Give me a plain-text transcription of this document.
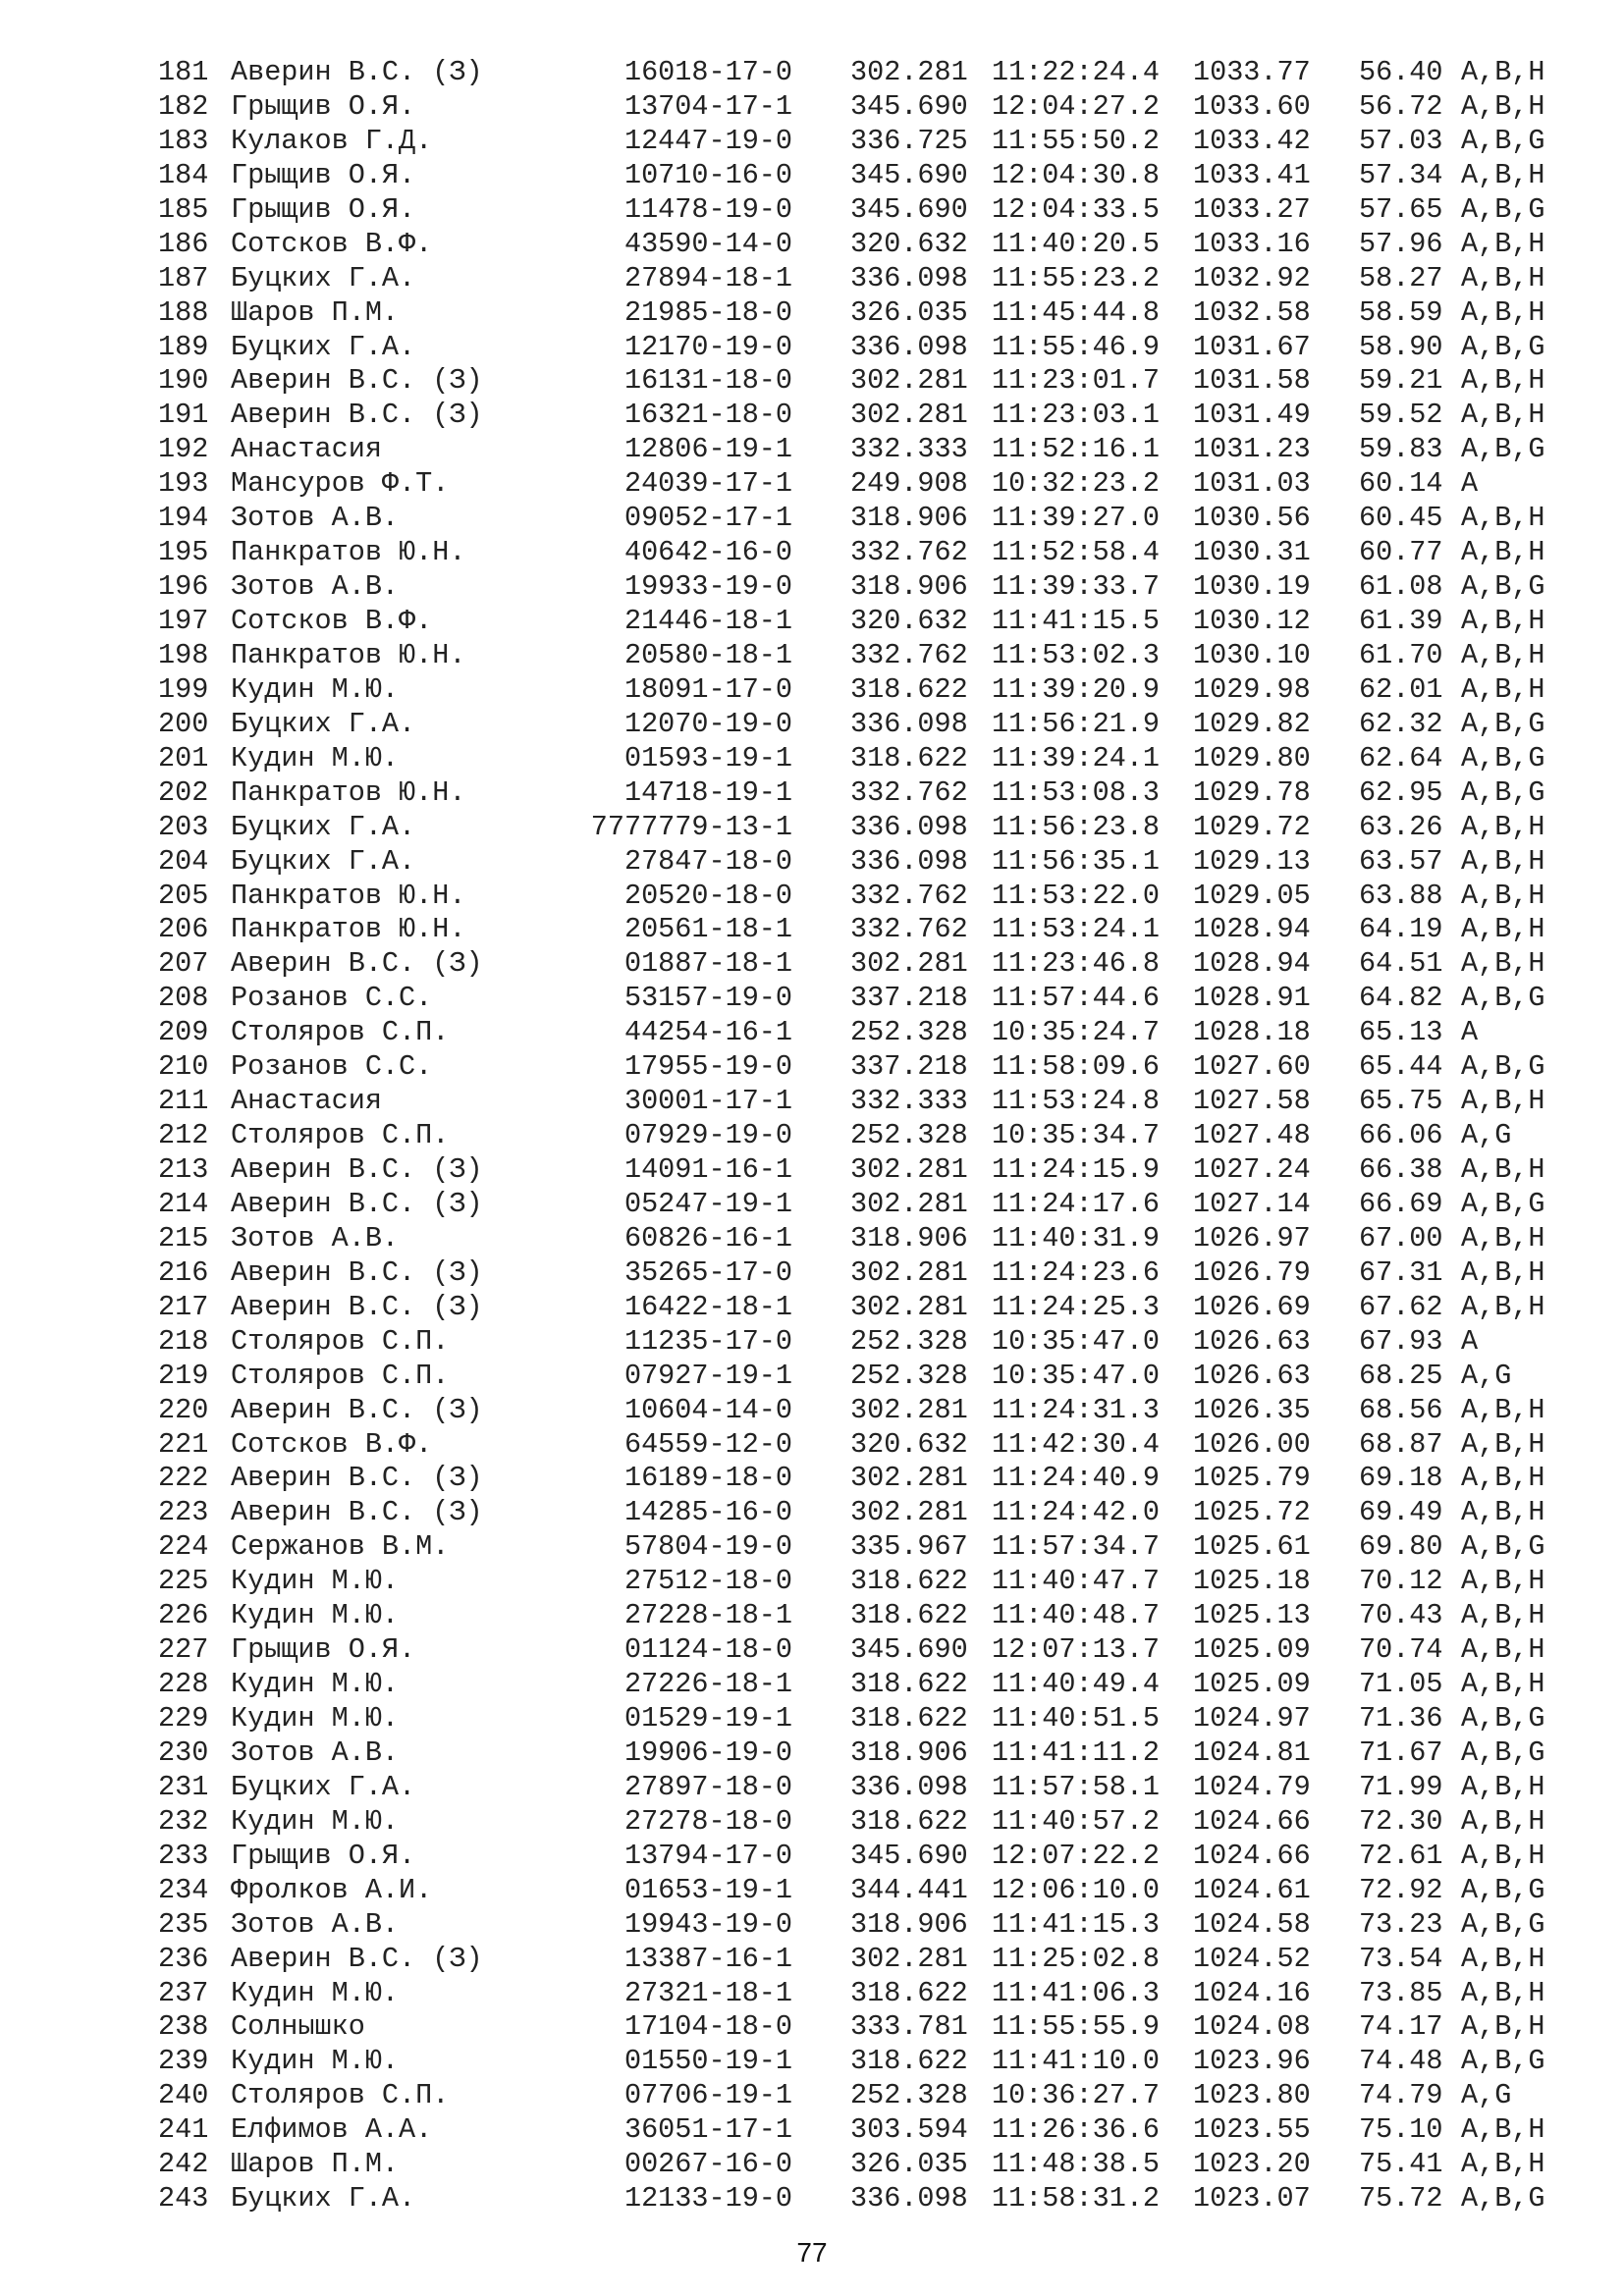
181 Аверин В.С. (З)	16018-17-0 302.281 11:22:24.4 1033.77 56.40 A,B,H
182 Грыщив О.Я.	13704-17-1 345.690 12:04:27.2 1033.60 56.72 A,B,H
183 Кулаков Г.Д.	12447-19-0 336.725 11:55:50.2 1033.42 57.03 A,B,G
184 Грыщив О.Я.	10710-16-0 345.690 12:04:30.8 1033.41 57.34 A,B,H
185 Грыщив О.Я.	11478-19-0 345.690 12:04:33.5 1033.27 57.65 A,B,G
186 Сотсков В.Ф.	43590-14-0 320.632 11:40:20.5 1033.16 57.96 A,B,H
187 Буцких Г.А.	27894-18-1 336.098 11:55:23.2 1032.92 58.27 A,B,H
188 Шаров П.М.	21985-18-0 326.035 11:45:44.8 1032.58 58.59 A,B,H
189 Буцких Г.А.	12170-19-0 336.098 11:55:46.9 1031.67 58.90 A,B,G
190 Аверин В.С. (З)	16131-18-0 302.281 11:23:01.7 1031.58 59.21 A,B,H
191 Аверин В.С. (З)	16321-18-0 302.281 11:23:03.1 1031.49 59.52 A,B,H
192 Анастасия	12806-19-1 332.333 11:52:16.1 1031.23 59.83 A,B,G
193 Мансуров Ф.Т.	24039-17-1 249.908 10:32:23.2 1031.03 60.14 A
194 Зотов А.В.	09052-17-1 318.906 11:39:27.0 1030.56 60.45 A,B,H
195 Панкратов Ю.Н.	40642-16-0 332.762 11:52:58.4 1030.31 60.77 A,B,H
196 Зотов А.В.	19933-19-0 318.906 11:39:33.7 1030.19 61.08 A,B,G
197 Сотсков В.Ф.	21446-18-1 320.632 11:41:15.5 1030.12 61.39 A,B,H
198 Панкратов Ю.Н.	20580-18-1 332.762 11:53:02.3 1030.10 61.70 A,B,H
199 Кудин М.Ю.	18091-17-0 318.622 11:39:20.9 1029.98 62.01 A,B,H
200 Буцких Г.А.	12070-19-0 336.098 11:56:21.9 1029.82 62.32 A,B,G
201 Кудин М.Ю.	01593-19-1 318.622 11:39:24.1 1029.80 62.64 A,B,G
202 Панкратов Ю.Н.	14718-19-1 332.762 11:53:08.3 1029.78 62.95 A,B,G
203 Буцких Г.А.	7777779-13-1 336.098 11:56:23.8 1029.72 63.26 A,B,H
204 Буцких Г.А.	27847-18-0 336.098 11:56:35.1 1029.13 63.57 A,B,H
205 Панкратов Ю.Н.	20520-18-0 332.762 11:53:22.0 1029.05 63.88 A,B,H
206 Панкратов Ю.Н.	20561-18-1 332.762 11:53:24.1 1028.94 64.19 A,B,H
207 Аверин В.С. (З)	01887-18-1 302.281 11:23:46.8 1028.94 64.51 A,B,H
208 Розанов С.С.	53157-19-0 337.218 11:57:44.6 1028.91 64.82 A,B,G
209 Столяров С.П.	44254-16-1 252.328 10:35:24.7 1028.18 65.13 A
210 Розанов С.С.	17955-19-0 337.218 11:58:09.6 1027.60 65.44 A,B,G
211 Анастасия	30001-17-1 332.333 11:53:24.8 1027.58 65.75 A,B,H
212 Столяров С.П.	07929-19-0 252.328 10:35:34.7 1027.48 66.06 A,G
213 Аверин В.С. (З)	14091-16-1 302.281 11:24:15.9 1027.24 66.38 A,B,H
214 Аверин В.С. (З)	05247-19-1 302.281 11:24:17.6 1027.14 66.69 A,B,G
215 Зотов А.В.	60826-16-1 318.906 11:40:31.9 1026.97 67.00 A,B,H
216 Аверин В.С. (З)	35265-17-0 302.281 11:24:23.6 1026.79 67.31 A,B,H
217 Аверин В.С. (З)	16422-18-1 302.281 11:24:25.3 1026.69 67.62 A,B,H
218 Столяров С.П.	11235-17-0 252.328 10:35:47.0 1026.63 67.93 A
219 Столяров С.П.	07927-19-1 252.328 10:35:47.0 1026.63 68.25 A,G
220 Аверин В.С. (З)	10604-14-0 302.281 11:24:31.3 1026.35 68.56 A,B,H
221 Сотсков В.Ф.	64559-12-0 320.632 11:42:30.4 1026.00 68.87 A,B,H
222 Аверин В.С. (З)	16189-18-0 302.281 11:24:40.9 1025.79 69.18 A,B,H
223 Аверин В.С. (З)	14285-16-0 302.281 11:24:42.0 1025.72 69.49 A,B,H
224 Сержанов В.М.	57804-19-0 335.967 11:57:34.7 1025.61 69.80 A,B,G
225 Кудин М.Ю.	27512-18-0 318.622 11:40:47.7 1025.18 70.12 A,B,H
226 Кудин М.Ю.	27228-18-1 318.622 11:40:48.7 1025.13 70.43 A,B,H
227 Грыщив О.Я.	01124-18-0 345.690 12:07:13.7 1025.09 70.74 A,B,H
228 Кудин М.Ю.	27226-18-1 318.622 11:40:49.4 1025.09 71.05 A,B,H
229 Кудин М.Ю.	01529-19-1 318.622 11:40:51.5 1024.97 71.36 A,B,G
230 Зотов А.В.	19906-19-0 318.906 11:41:11.2 1024.81 71.67 A,B,G
231 Буцких Г.А.	27897-18-0 336.098 11:57:58.1 1024.79 71.99 A,B,H
232 Кудин М.Ю.	27278-18-0 318.622 11:40:57.2 1024.66 72.30 A,B,H
233 Грыщив О.Я.	13794-17-0 345.690 12:07:22.2 1024.66 72.61 A,B,H
234 Фролков А.И.	01653-19-1 344.441 12:06:10.0 1024.61 72.92 A,B,G
235 Зотов А.В.	19943-19-0 318.906 11:41:15.3 1024.58 73.23 A,B,G
236 Аверин В.С. (З)	13387-16-1 302.281 11:25:02.8 1024.52 73.54 A,B,H
237 Кудин М.Ю.	27321-18-1 318.622 11:41:06.3 1024.16 73.85 A,B,H
238 Солнышко	17104-18-0 333.781 11:55:55.9 1024.08 74.17 A,B,H
239 Кудин М.Ю.	01550-19-1 318.622 11:41:10.0 1023.96 74.48 A,B,G
240 Столяров С.П.	07706-19-1 252.328 10:36:27.7 1023.80 74.79 A,G
241 Елфимов А.А.	36051-17-1 303.594 11:26:36.6 1023.55 75.10 A,B,H
242 Шаров П.М.	00267-16-0 326.035 11:48:38.5 1023.20 75.41 A,B,H
243 Буцких Г.А.	12133-19-0 336.098 11:58:31.2 1023.07 75.72 A,B,G
77
